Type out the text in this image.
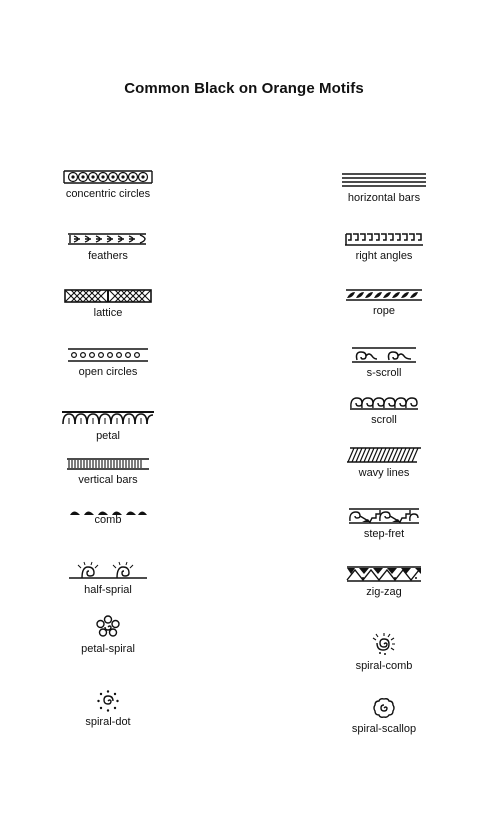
Common Black on Orange Motifs
concentric circles
feathers
lattice
open circles
petal
vertical bars
comb
half-sprial
petal-spiral
spiral-dot
horizontal bars
right angles
rope
s-scroll
scroll
wavy lines
step-fret
zig-zag
spiral-comb
spiral-scallop
